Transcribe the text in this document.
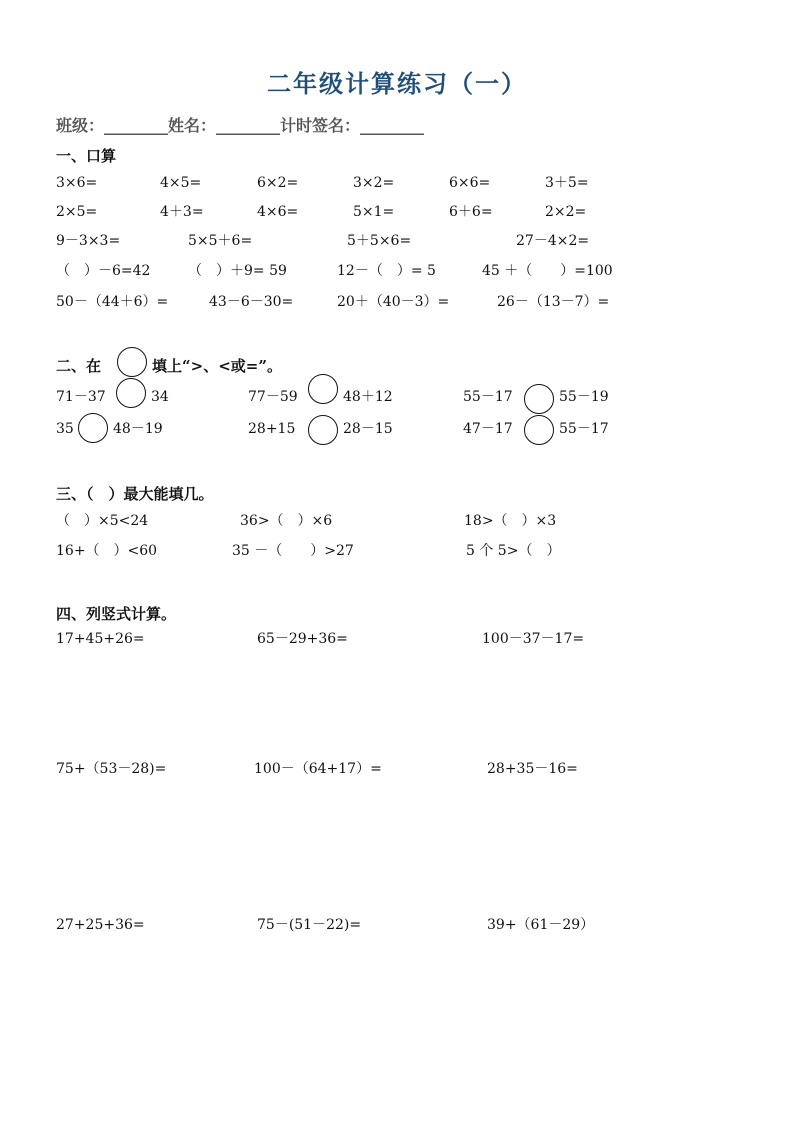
二年级计算练习（一）
班级：________姓名：________计时签名：________
一、口算
3×6=	4×5=	6×2=	3×2=	6×6=	3＋5=
2×5=	4＋3=	4×6=	5×1=	6＋6=	2×2=
9－3×3=	5×5＋6=	5＋5×6=	27－4×2=
（　）－6=42	（　）＋9= 59	12－（　）= 5	45 ＋（　　）=100
50－（44＋6）=	43－6－30=	20＋（40－3）=	26－（13－7）=
二、在	填上“>、<或=”。
71－37	34	77－59	48＋12	55－17	55－19
35	48－19	28+15	28－15	47－17	55－17
三、（　）最大能填几。
（　）×5<24	36>（　）×6	18>（　）×3
16+（　）<60	35 －（　　）>27	5 个 5>（　）
四、列竖式计算。
17+45+26=	65－29+36=	100－37－17=
75+（53－28)=	100－（64+17）=	28+35－16=
27+25+36=	75－(51－22)=	39+（61－29）
